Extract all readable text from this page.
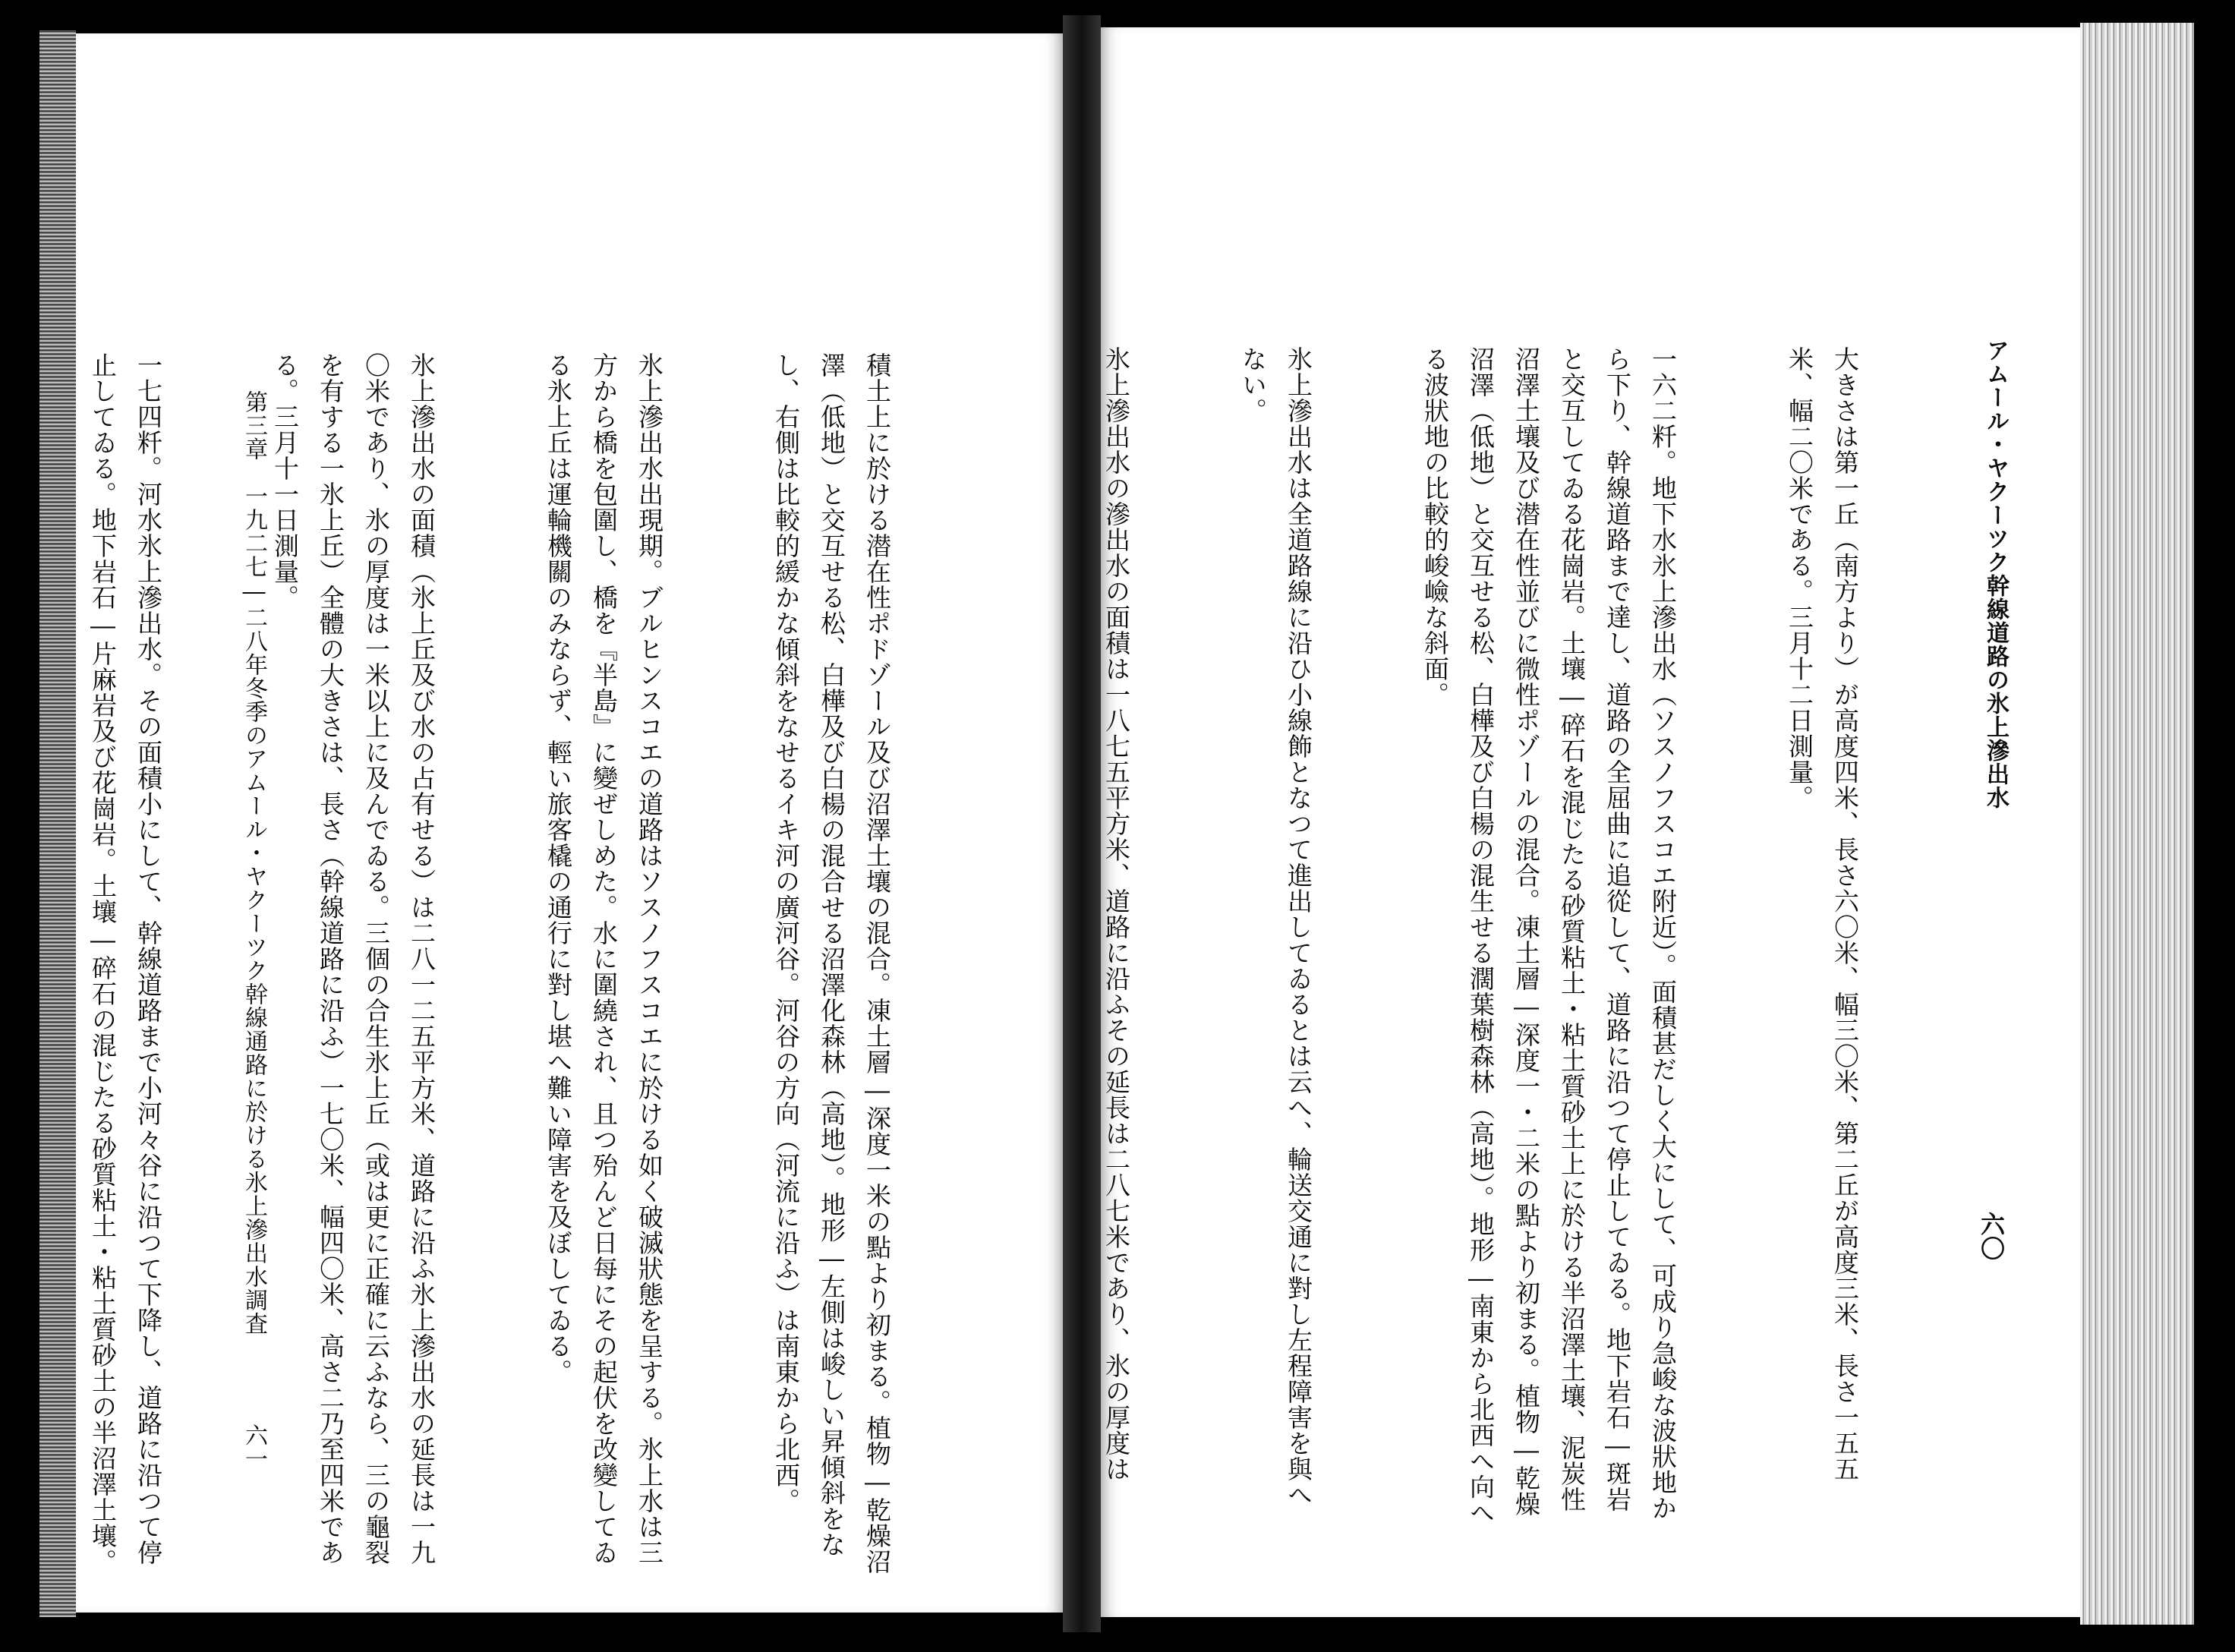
積土上に於ける潜在性ポドゾール及び沼澤土壤の混合。凍土層―深度一米の點より初まる。植物―乾燥沼澤（低地）と交互せる松、白樺及び白楊の混合せる沼澤化森林（高地）。地形―左側は峻しい昇傾斜をなし、右側は比較的緩かな傾斜をなせるイキ河の廣河谷。河谷の方向（河流に沿ふ）は南東から北西。

氷上滲出水出現期。ブルヒンスコエの道路はソスノフスコエに於ける如く破滅狀態を呈する。氷上水は三方から橋を包圍し、橋を『半島』に變ぜしめた。水に圍繞され、且つ殆んど日每にその起伏を改變してゐる氷上丘は運輪機關のみならず、輕い旅客橇の通行に對し堪へ難い障害を及ぼしてゐる。

氷上滲出水の面積（氷上丘及び水の占有せる）は二八一二五平方米、道路に沿ふ氷上滲出水の延長は一九〇米であり、氷の厚度は一米以上に及んでゐる。三個の合生氷上丘（或は更に正確に云ふなら、三の龜裂を有する一氷上丘）全體の大きさは、長さ（幹線道路に沿ふ）一七〇米、幅四〇米、高さ二乃至四米である。三月十一日測量。

一七四粁。河水氷上滲出水。その面積小にして、幹線道路まで小河々谷に沿つて下降し、道路に沿つて停止してゐる。地下岩石―片麻岩及び花崗岩。土壤―碎石の混じたる砂質粘土・粘土質砂土の半沼澤土壤。

第三章　一九二七―二八年冬季のアムール・ヤクーツク幹線通路に於ける氷上滲出水調査 六一
アムール・ヤクーツク幹線道路の氷上滲出水
六〇

大きさは第一丘（南方より）が高度四米、長さ六〇米、幅三〇米、第二丘が高度三米、長さ一五五米、幅二〇米である。三月十二日測量。

一六二粁。地下水氷上滲出水（ソスノフスコエ附近）。面積甚だしく大にして、可成り急峻な波狀地から下り、幹線道路まで達し、道路の全屈曲に追從して、道路に沿つて停止してゐる。地下岩石―斑岩と交互してゐる花崗岩。土壤―碎石を混じたる砂質粘土・粘土質砂土上に於ける半沼澤土壤、泥炭性沼澤土壤及び潜在性並びに微性ポゾールの混合。凍土層―深度一・二米の點より初まる。植物―乾燥沼澤（低地）と交互せる松、白樺及び白楊の混生せる濶葉樹森林（高地）。地形―南東から北西へ向へる波狀地の比較的峻嶮な斜面。

氷上滲出水は全道路線に沿ひ小線飾となつて進出してゐるとは云へ、輪送交通に對し左程障害を與へない。

氷上滲出水の滲出水の面積は一八七五平方米、道路に沿ふその延長は二八七米であり、氷の厚度は
